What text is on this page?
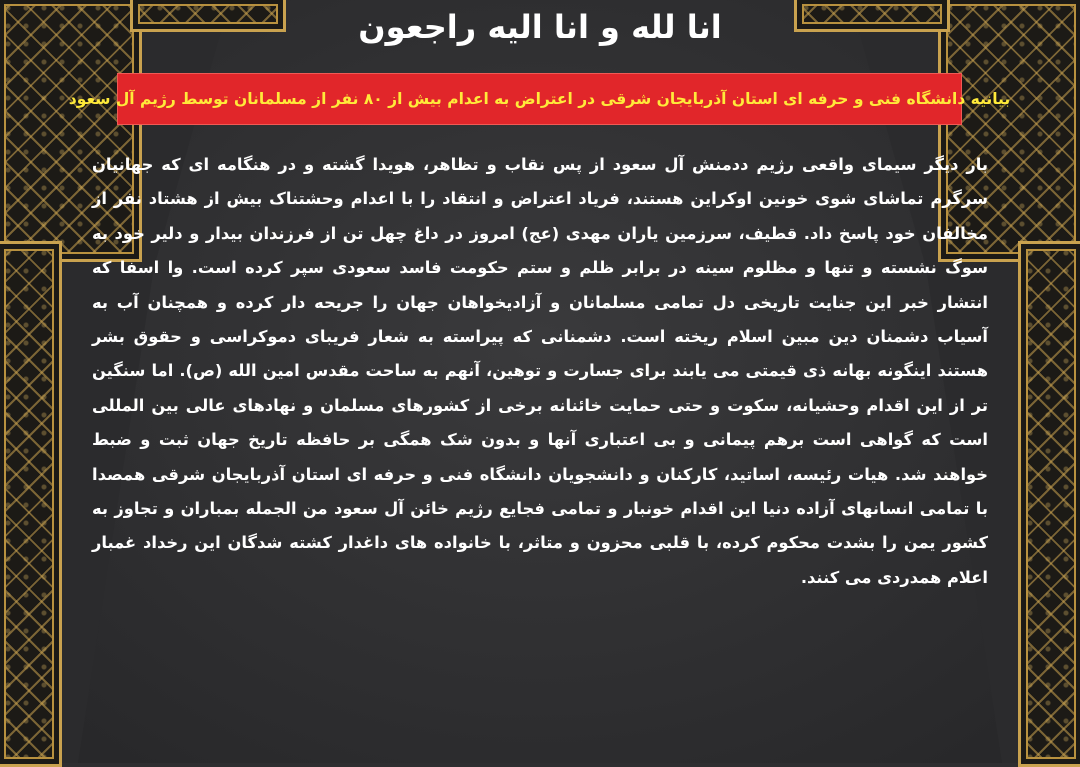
انا لله و انا الیه راجعون
بیانیه دانشگاه فنی و حرفه ای استان آذربایجان شرقی در اعتراض به اعدام بیش از ۸۰ نفر از مسلمانان توسط رژیم آل سعود
بار دیگر سیمای واقعی رژیم ددمنش آل سعود از پس نقاب و تظاهر، هویدا گشته و در هنگامه ای که جهانیان سرگرم تماشای شوی خونین اوکراین هستند، فریاد اعتراض و انتقاد را با اعدام وحشتناک بیش از هشتاد نفر از مخالفان خود پاسخ داد. قطیف، سرزمین یاران مهدی (عج) امروز در داغ چهل تن از فرزندان بیدار و دلیر خود به سوگ نشسته و تنها و مظلوم سینه در برابر ظلم و ستم حکومت فاسد سعودی سپر کرده است. وا اسفا که انتشار خبر این جنایت تاریخی دل تمامی مسلمانان و آزادیخواهان جهان را جریحه دار کرده و همچنان آب به آسیاب دشمنان دین مبین اسلام ریخته است. دشمنانی که پیراسته به شعار فریبای دموکراسی و حقوق بشر هستند اینگونه بهانه ذی قیمتی می یابند برای جسارت و توهین، آنهم به ساحت مقدس امین الله (ص). اما سنگین تر از این اقدام وحشیانه، سکوت و حتی حمایت خائنانه برخی از کشورهای مسلمان و نهادهای عالی بین المللی است که گواهی است برهم پیمانی و بی اعتباری آنها و بدون شک همگی بر حافظه تاریخ جهان ثبت و ضبط خواهند شد. هیات رئیسه، اساتید، کارکنان و دانشجویان دانشگاه فنی و حرفه ای استان آذربایجان شرقی همصدا با تمامی انسانهای آزاده دنیا این اقدام خونبار و تمامی فجایع رژیم خائن آل سعود من الجمله بمباران و تجاوز به کشور یمن را بشدت محکوم کرده، با قلبی محزون و متاثر، با خانواده های داغدار کشته شدگان این رخداد غمبار اعلام همدردی می کنند.
